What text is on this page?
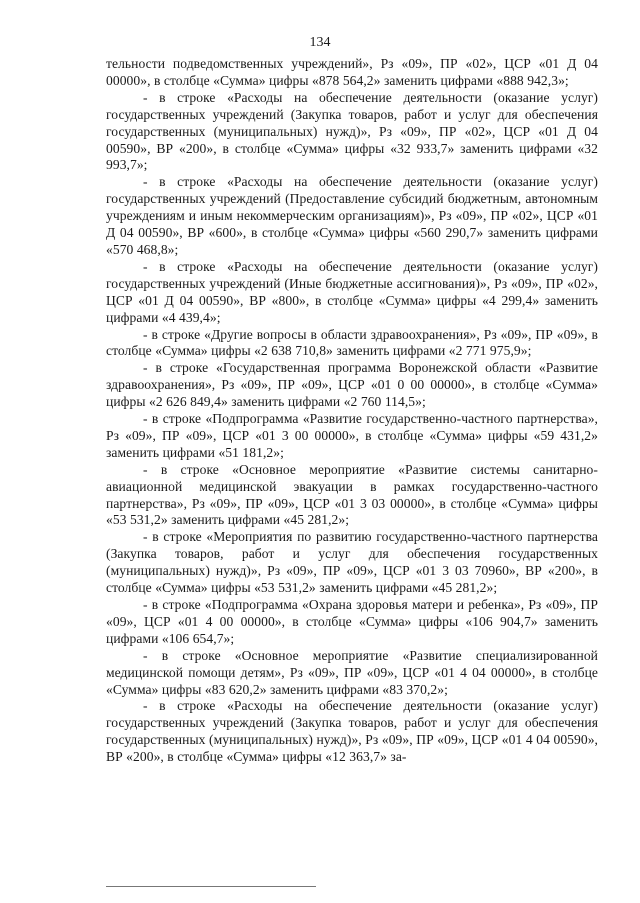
134

тельности подведомственных учреждений», Рз «09», ПР «02», ЦСР «01 Д 04 00000», в столбце «Сумма» цифры «878 564,2» заменить цифрами «888 942,3»;

- в строке «Расходы на обеспечение деятельности (оказание услуг) государственных учреждений (Закупка товаров, работ и услуг для обеспечения государственных (муниципальных) нужд)», Рз «09», ПР «02», ЦСР «01 Д 04 00590», ВР «200», в столбце «Сумма» цифры «32 933,7» заменить цифрами «32 993,7»;

- в строке «Расходы на обеспечение деятельности (оказание услуг) государственных учреждений (Предоставление субсидий бюджетным, автономным учреждениям и иным некоммерческим организациям)», Рз «09», ПР «02», ЦСР «01 Д 04 00590», ВР «600», в столбце «Сумма» цифры «560 290,7» заменить цифрами «570 468,8»;

- в строке «Расходы на обеспечение деятельности (оказание услуг) государственных учреждений (Иные бюджетные ассигнования)», Рз «09», ПР «02», ЦСР «01 Д 04 00590», ВР «800», в столбце «Сумма» цифры «4 299,4» заменить цифрами «4 439,4»;

- в строке «Другие вопросы в области здравоохранения», Рз «09», ПР «09», в столбце «Сумма» цифры «2 638 710,8» заменить цифрами «2 771 975,9»;

- в строке «Государственная программа Воронежской области «Развитие здравоохранения», Рз «09», ПР «09», ЦСР «01 0 00 00000», в столбце «Сумма» цифры «2 626 849,4» заменить цифрами «2 760 114,5»;

- в строке «Подпрограмма «Развитие государственно-частного партнерства», Рз «09», ПР «09», ЦСР «01 3 00 00000», в столбце «Сумма» цифры «59 431,2» заменить цифрами «51 181,2»;

- в строке «Основное мероприятие «Развитие системы санитарно-авиационной медицинской эвакуации в рамках государственно-частного партнерства», Рз «09», ПР «09», ЦСР «01 3 03 00000», в столбце «Сумма» цифры «53 531,2» заменить цифрами «45 281,2»;

- в строке «Мероприятия по развитию государственно-частного партнерства (Закупка товаров, работ и услуг для обеспечения государственных (муниципальных) нужд)», Рз «09», ПР «09», ЦСР «01 3 03 70960», ВР «200», в столбце «Сумма» цифры «53 531,2» заменить цифрами «45 281,2»;

- в строке «Подпрограмма «Охрана здоровья матери и ребенка», Рз «09», ПР «09», ЦСР «01 4 00 00000», в столбце «Сумма» цифры «106 904,7» заменить цифрами «106 654,7»;

- в строке «Основное мероприятие «Развитие специализированной медицинской помощи детям», Рз «09», ПР «09», ЦСР «01 4 04 00000», в столбце «Сумма» цифры «83 620,2» заменить цифрами «83 370,2»;

- в строке «Расходы на обеспечение деятельности (оказание услуг) государственных учреждений (Закупка товаров, работ и услуг для обеспечения государственных (муниципальных) нужд)», Рз «09», ПР «09», ЦСР «01 4 04 00590», ВР «200», в столбце «Сумма» цифры «12 363,7» за-
